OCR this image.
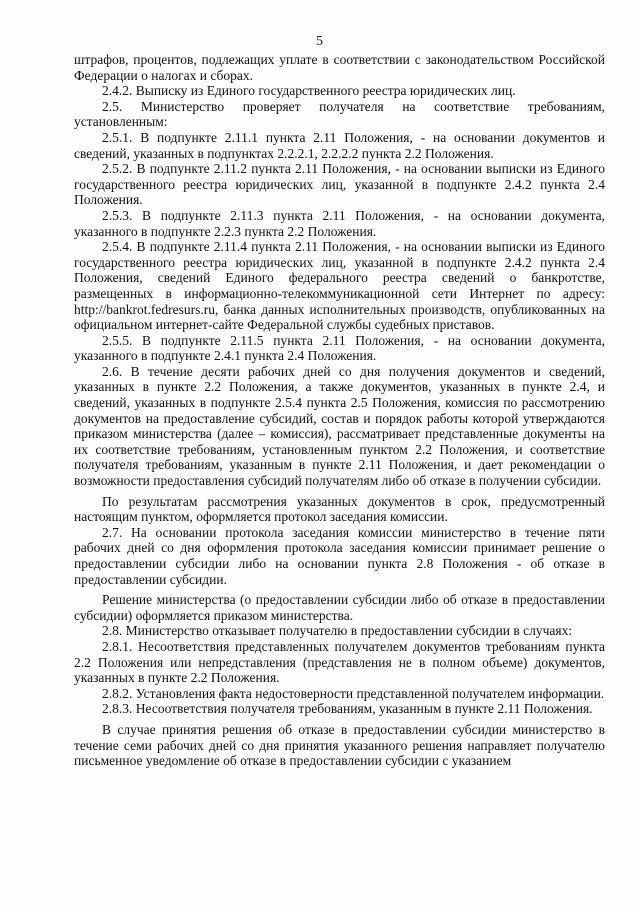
5

штрафов, процентов, подлежащих уплате в соответствии с законодательством Российской Федерации о налогах и сборах.

2.4.2. Выписку из Единого государственного реестра юридических лиц.

2.5. Министерство проверяет получателя на соответствие требованиям, установленным:

2.5.1. В подпункте 2.11.1 пункта 2.11 Положения, - на основании документов и сведений, указанных в подпунктах 2.2.2.1, 2.2.2.2 пункта 2.2 Положения.

2.5.2. В подпункте 2.11.2 пункта 2.11 Положения, - на основании выписки из Единого государственного реестра юридических лиц, указанной в подпункте 2.4.2 пункта 2.4 Положения.

2.5.3. В подпункте 2.11.3 пункта 2.11 Положения, - на основании документа, указанного в подпункте 2.2.3 пункта 2.2 Положения.

2.5.4. В подпункте 2.11.4 пункта 2.11 Положения, - на основании выписки из Единого государственного реестра юридических лиц, указанной в подпункте 2.4.2 пункта 2.4 Положения, сведений Единого федерального реестра сведений о банкротстве, размещенных в информационно-телекоммуникационной сети Интернет по адресу: http://bankrot.fedresurs.ru, банка данных исполнительных производств, опубликованных на официальном интернет-сайте Федеральной службы судебных приставов.

2.5.5. В подпункте 2.11.5 пункта 2.11 Положения, - на основании документа, указанного в подпункте 2.4.1 пункта 2.4 Положения.

2.6. В течение десяти рабочих дней со дня получения документов и сведений, указанных в пункте 2.2 Положения, а также документов, указанных в пункте 2.4, и сведений, указанных в подпункте 2.5.4 пункта 2.5 Положения, комиссия по рассмотрению документов на предоставление субсидий, состав и порядок работы которой утверждаются приказом министерства (далее – комиссия), рассматривает представленные документы на их соответствие требованиям, установленным пунктом 2.2 Положения, и соответствие получателя требованиям, указанным в пункте 2.11 Положения, и дает рекомендации о возможности предоставления субсидий получателям либо об отказе в получении субсидии.

По результатам рассмотрения указанных документов в срок, предусмотренный настоящим пунктом, оформляется протокол заседания комиссии.

2.7. На основании протокола заседания комиссии министерство в течение пяти рабочих дней со дня оформления протокола заседания комиссии принимает решение о предоставлении субсидии либо на основании пункта 2.8 Положения - об отказе в предоставлении субсидии.

Решение министерства (о предоставлении субсидии либо об отказе в предоставлении субсидии) оформляется приказом министерства.

2.8. Министерство отказывает получателю в предоставлении субсидии в случаях:

2.8.1. Несоответствия представленных получателем документов требованиям пункта 2.2 Положения или непредставления (представления не в полном объеме) документов, указанных в пункте 2.2 Положения.

2.8.2. Установления факта недостоверности представленной получателем информации.

2.8.3. Несоответствия получателя требованиям, указанным в пункте 2.11 Положения.

В случае принятия решения об отказе в предоставлении субсидии министерство в течение семи рабочих дней со дня принятия указанного решения направляет получателю письменное уведомление об отказе в предоставлении субсидии с указанием
